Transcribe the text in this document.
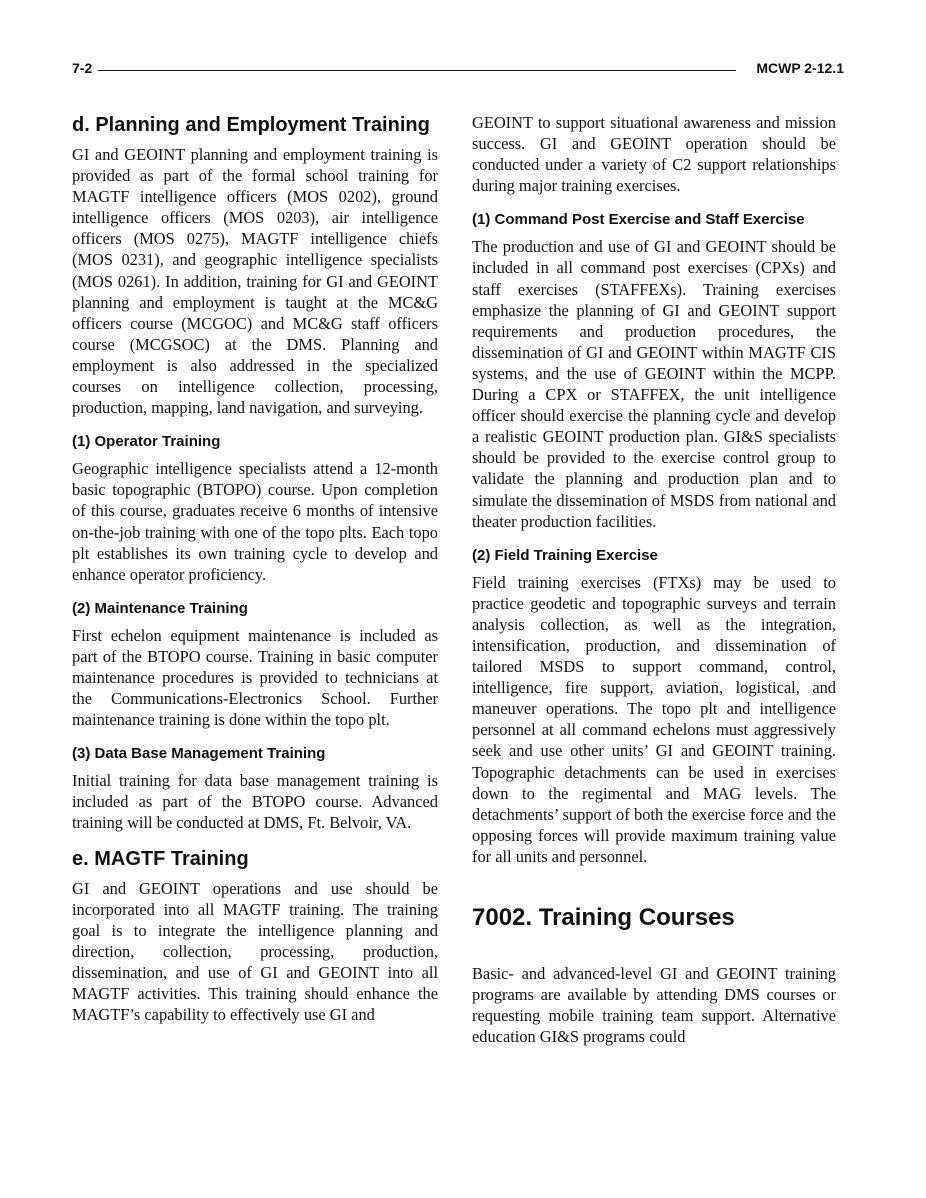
7-2	MCWP 2-12.1
d. Planning and Employment Training

GI and GEOINT planning and employment training is provided as part of the formal school training for MAGTF intelligence officers (MOS 0202), ground intelligence officers (MOS 0203), air intelligence officers (MOS 0275), MAGTF intelligence chiefs (MOS 0231), and geographic intelligence specialists (MOS 0261). In addition, training for GI and GEOINT planning and employment is taught at the MC&G officers course (MCGOC) and MC&G staff officers course (MCGSOC) at the DMS. Planning and employment is also addressed in the specialized courses on intelligence collection, processing, production, mapping, land navigation, and surveying.

(1) Operator Training

Geographic intelligence specialists attend a 12-month basic topographic (BTOPO) course. Upon completion of this course, graduates receive 6 months of intensive on-the-job training with one of the topo plts. Each topo plt establishes its own training cycle to develop and enhance operator proficiency.

(2) Maintenance Training

First echelon equipment maintenance is included as part of the BTOPO course. Training in basic computer maintenance procedures is provided to technicians at the Communications-Electronics School. Further maintenance training is done within the topo plt.

(3) Data Base Management Training

Initial training for data base management training is included as part of the BTOPO course. Advanced training will be conducted at DMS, Ft. Belvoir, VA.

e. MAGTF Training

GI and GEOINT operations and use should be incorporated into all MAGTF training. The training goal is to integrate the intelligence planning and direction, collection, processing, production, dissemination, and use of GI and GEOINT into all MAGTF activities. This training should enhance the MAGTF’s capability to effectively use GI and

GEOINT to support situational awareness and mission success. GI and GEOINT operation should be conducted under a variety of C2 support relationships during major training exercises.

(1) Command Post Exercise and Staff Exercise

The production and use of GI and GEOINT should be included in all command post exercises (CPXs) and staff exercises (STAFFEXs). Training exercises emphasize the planning of GI and GEOINT support requirements and production procedures, the dissemination of GI and GEOINT within MAGTF CIS systems, and the use of GEOINT within the MCPP. During a CPX or STAFFEX, the unit intelligence officer should exercise the planning cycle and develop a realistic GEOINT production plan. GI&S specialists should be provided to the exercise control group to validate the planning and production plan and to simulate the dissemination of MSDS from national and theater production facilities.

(2) Field Training Exercise

Field training exercises (FTXs) may be used to practice geodetic and topographic surveys and terrain analysis collection, as well as the integration, intensification, production, and dissemination of tailored MSDS to support command, control, intelligence, fire support, aviation, logistical, and maneuver operations. The topo plt and intelligence personnel at all command echelons must aggressively seek and use other units’ GI and GEOINT training. Topographic detachments can be used in exercises down to the regimental and MAG levels. The detachments’ support of both the exercise force and the opposing forces will provide maximum training value for all units and personnel.

7002. Training Courses

Basic- and advanced-level GI and GEOINT training programs are available by attending DMS courses or requesting mobile training team support. Alternative education GI&S programs could
